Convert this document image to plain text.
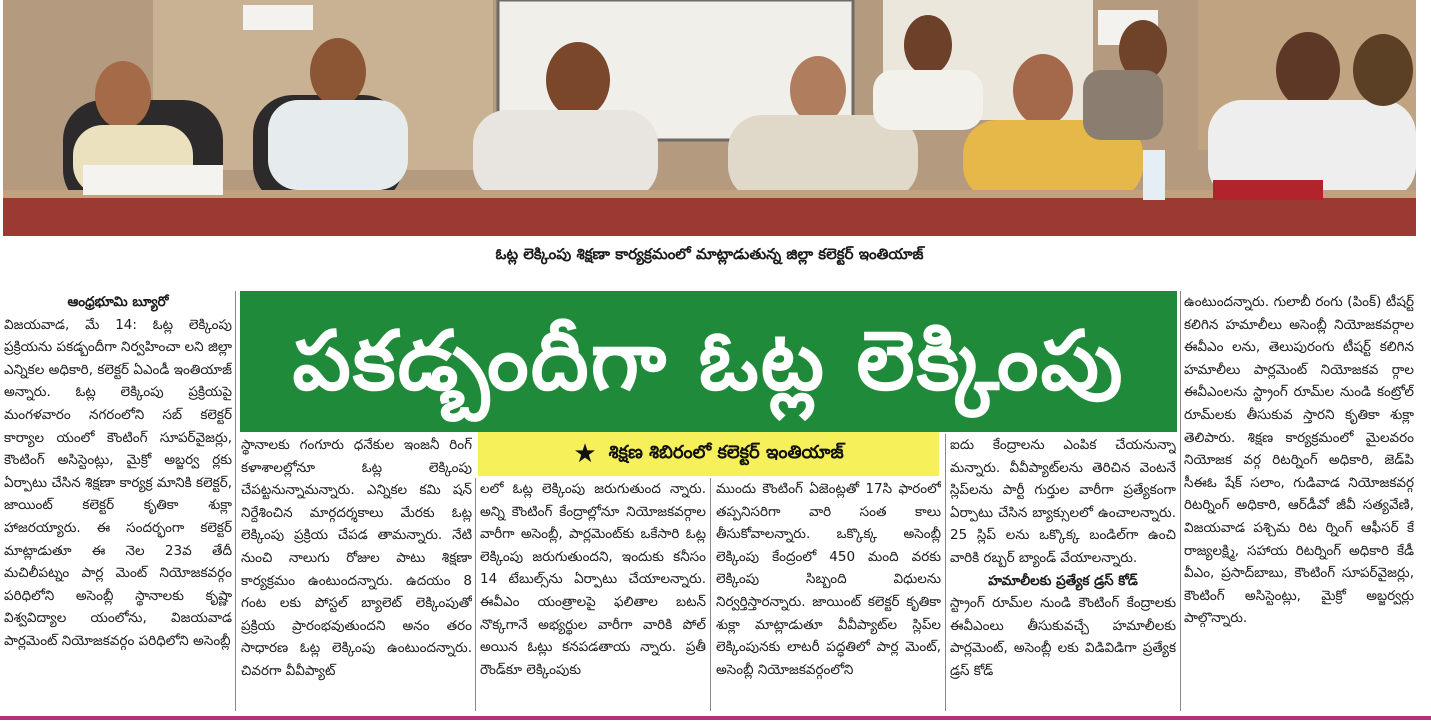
ఓట్ల లెక్కింపు శిక్షణా కార్యక్రమంలో మాట్లాడుతున్న జిల్లా కలెక్టర్ ఇంతియాజ్
పకడ్బందీగా ఓట్ల లెక్కింపు
★ శిక్షణ శిబిరంలో కలెక్టర్ ఇంతియాజ్

ఆంధ్రభూమి బ్యూరో

విజయవాడ, మే 14: ఓట్ల లెక్కింపు ప్రక్రియను పకడ్బందీగా నిర్వహించా లని జిల్లా ఎన్నికల అధికారి, కలెక్టర్ ఏఎండీ ఇంతియాజ్ అన్నారు. ఓట్ల లెక్కింపు ప్రక్రియపై మంగళవారం నగరంలోని సబ్ కలెక్టర్ కార్యాల యంలో కౌంటింగ్ సూపర్‌వైజర్లు, కౌంటింగ్ అసిస్టెంట్లు, మైక్రో అబ్జర్వ ర్లకు ఏర్పాటు చేసిన శిక్షణా కార్యక్ర మానికి కలెక్టర్, జాయింట్ కలెక్టర్ కృతికా శుక్లా హాజరయ్యారు. ఈ సందర్భంగా కలెక్టర్ మాట్లాడుతూ ఈ నెల 23వ తేదీ మచిలీపట్నం పార్ల మెంట్ నియోజకవర్గం పరిధిలోని అసెంబ్లీ స్థానాలకు కృష్ణా విశ్వవిద్యాల యంలోను, విజయవాడ పార్లమెంట్ నియోజకవర్గం పరిధిలోని అసెంబ్లీ

స్థానాలకు గంగూరు ధనేకుల ఇంజనీ రింగ్ కళాశాలల్లోనూ ఓట్ల లెక్కింపు చేపట్టనున్నామన్నారు. ఎన్నికల కమి షన్ నిర్దేశించిన మార్గదర్శకాలు మేరకు ఓట్ల లెక్కింపు ప్రక్రియ చేపడ తామన్నారు. నేటి నుంచి నాలుగు రోజుల పాటు శిక్షణా కార్యక్రమం ఉంటుందన్నారు. ఉదయం 8 గంట లకు పోస్టల్ బ్యాలెట్ లెక్కింపుతో ప్రక్రియ ప్రారంభవుతుందని అనం తరం సాధారణ ఓట్ల లెక్కింపు ఉంటుందన్నారు. చివరగా వీవీప్యాట్

లలో ఓట్ల లెక్కింపు జరుగుతుంద న్నారు. అన్ని కౌంటింగ్ కేంద్రాల్లోనూ నియోజకవర్గాల వారీగా అసెంబ్లీ, పార్లమెంట్‌కు ఒకేసారి ఓట్ల లెక్కింపు జరుగుతుందని, ఇందుకు కనీసం 14 టేబుల్స్‌ను ఏర్పాటు చేయాలన్నారు. ఈవీఎం యంత్రాలపై ఫలితాల బటన్ నొక్కగానే అభ్యర్థుల వారీగా వారికి పోల్ అయిన ఓట్లు కనపడతాయ న్నారు. ప్రతీ రౌండ్‌కూ లెక్కింపుకు

ముందు కౌంటింగ్ ఏజెంట్లతో 17సి ఫారంలో తప్పనిసరిగా వారి సంత కాలు తీసుకోవాలన్నారు. ఒక్కొక్క అసెంబ్లీ లెక్కింపు కేంద్రంలో 450 మంది వరకు లెక్కింపు సిబ్బంది విధులను నిర్వర్తిస్తారన్నారు. జాయింట్ కలెక్టర్ కృతికా శుక్లా మాట్లాడుతూ వీవీప్యాట్‌ల స్లిప్‌ల లెక్కింపునకు లాటరీ పద్ధతిలో పార్ల మెంట్, అసెంబ్లీ నియోజకవర్గంలోని

ఐదు కేంద్రాలను ఎంపిక చేయనున్నా మన్నారు. వీవీప్యాట్‌లను తెరిచిన వెంటనే స్లిప్‌లను పార్టీ గుర్తుల వారీగా ప్రత్యేకంగా ఏర్పాటు చేసిన బ్యాక్సులలో ఉంచాలన్నారు. 25 స్లిప్‌ లను ఒక్కొక్క బండిల్‌గా ఉంచి వారికి రబ్బర్ బ్యాండ్ వేయాలన్నారు.

హమాలీలకు ప్రత్యేక డ్రస్ కోడ్

స్ట్రాంగ్ రూమ్‌ల నుండి కౌంటింగ్ కేంద్రాలకు ఈవీఎంలు తీసుకువచ్చే హమాలీలకు పార్లమెంట్, అసెంబ్లీ లకు విడివిడిగా ప్రత్యేక డ్రస్ కోడ్

ఉంటుందన్నారు. గులాబీ రంగు (పింక్) టీషర్ట్ కలిగిన హమాలీలు అసెంబ్లీ నియోజకవర్గాల ఈవీఎం లను, తెలుపురంగు టీషర్ట్ కలిగిన హమాలీలు పార్లమెంట్ నియోజకవ ర్గాల ఈవీఎంలను స్ట్రాంగ్ రూమ్‌ల నుండి కంట్రోల్ రూమ్‌లకు తీసుకువ స్తారని కృతికా శుక్లా తెలిపారు. శిక్షణ కార్యక్రమంలో మైలవరం నియోజక వర్గ రిటర్నింగ్ అధికారి, జెడ్‌పి సీఈఓ షేక్ సలాం, గుడివాడ నియోజకవర్గ రిటర్నింగ్ అధికారి, ఆర్‌డీవో జీవీ సత్యవేణి, విజయవాడ పశ్చిమ రిట ర్నింగ్ ఆఫీసర్ కే రాజ్యలక్ష్మి, సహాయ రిటర్నింగ్ అధికారి కేడీ వీఎం, ప్రసాద్‌బాబు, కౌంటింగ్ సూపర్‌వైజర్లు, కౌంటింగ్ అసిస్టెంట్లు, మైక్రో అబ్జర్వర్లు పాల్గొన్నారు.
